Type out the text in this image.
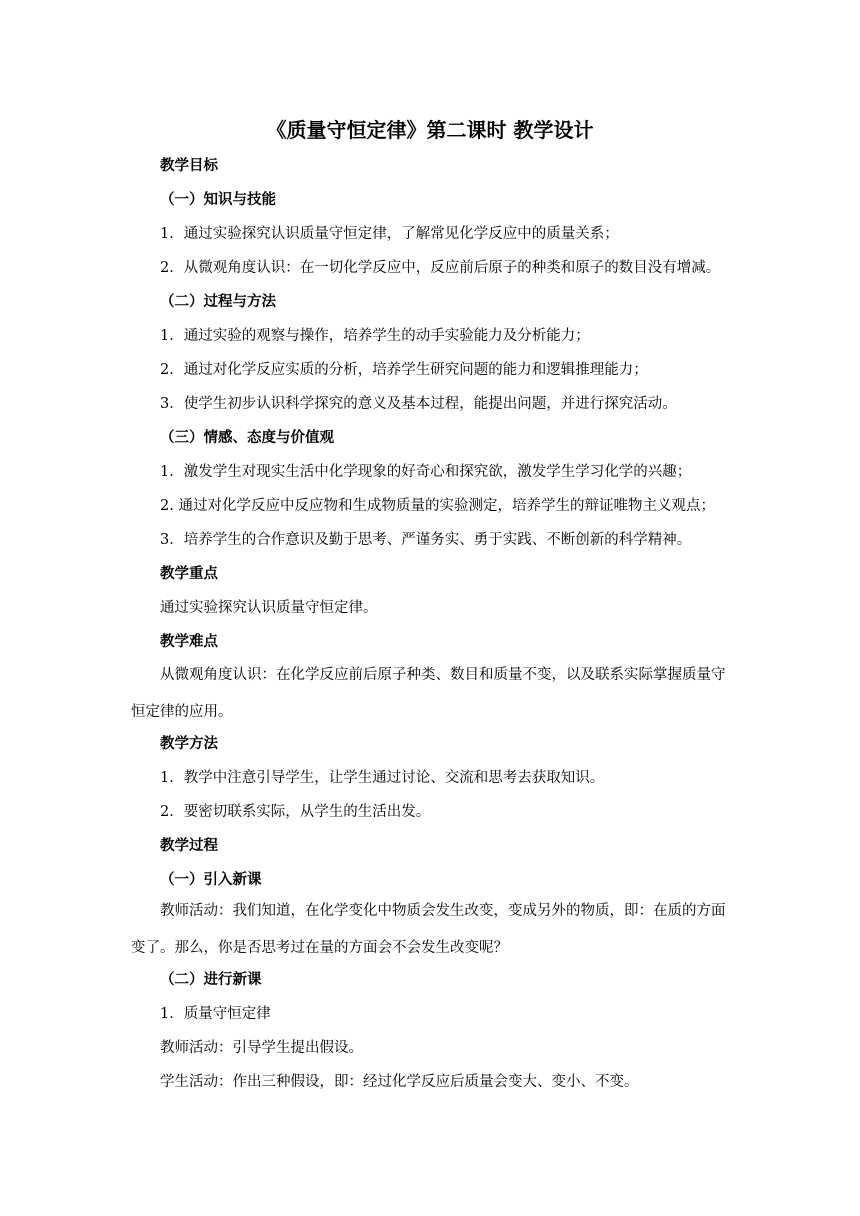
《质量守恒定律》第二课时 教学设计
教学目标
（一）知识与技能
1．通过实验探究认识质量守恒定律，了解常见化学反应中的质量关系；
2．从微观角度认识：在一切化学反应中，反应前后原子的种类和原子的数目没有增减。
（二）过程与方法
1．通过实验的观察与操作，培养学生的动手实验能力及分析能力；
2．通过对化学反应实质的分析，培养学生研究问题的能力和逻辑推理能力；
3．使学生初步认识科学探究的意义及基本过程，能提出问题，并进行探究活动。
（三）情感、态度与价值观
1．激发学生对现实生活中化学现象的好奇心和探究欲，激发学生学习化学的兴趣；
2. 通过对化学反应中反应物和生成物质量的实验测定，培养学生的辩证唯物主义观点；
3．培养学生的合作意识及勤于思考、严谨务实、勇于实践、不断创新的科学精神。
教学重点
通过实验探究认识质量守恒定律。
教学难点
从微观角度认识：在化学反应前后原子种类、数目和质量不变，以及联系实际掌握质量守恒定律的应用。
教学方法
1．教学中注意引导学生，让学生通过讨论、交流和思考去获取知识。
2．要密切联系实际，从学生的生活出发。
教学过程
（一）引入新课
教师活动：我们知道，在化学变化中物质会发生改变，变成另外的物质，即：在质的方面变了。那么，你是否思考过在量的方面会不会发生改变呢？
（二）进行新课
1．质量守恒定律
教师活动：引导学生提出假设。
学生活动：作出三种假设，即：经过化学反应后质量会变大、变小、不变。
